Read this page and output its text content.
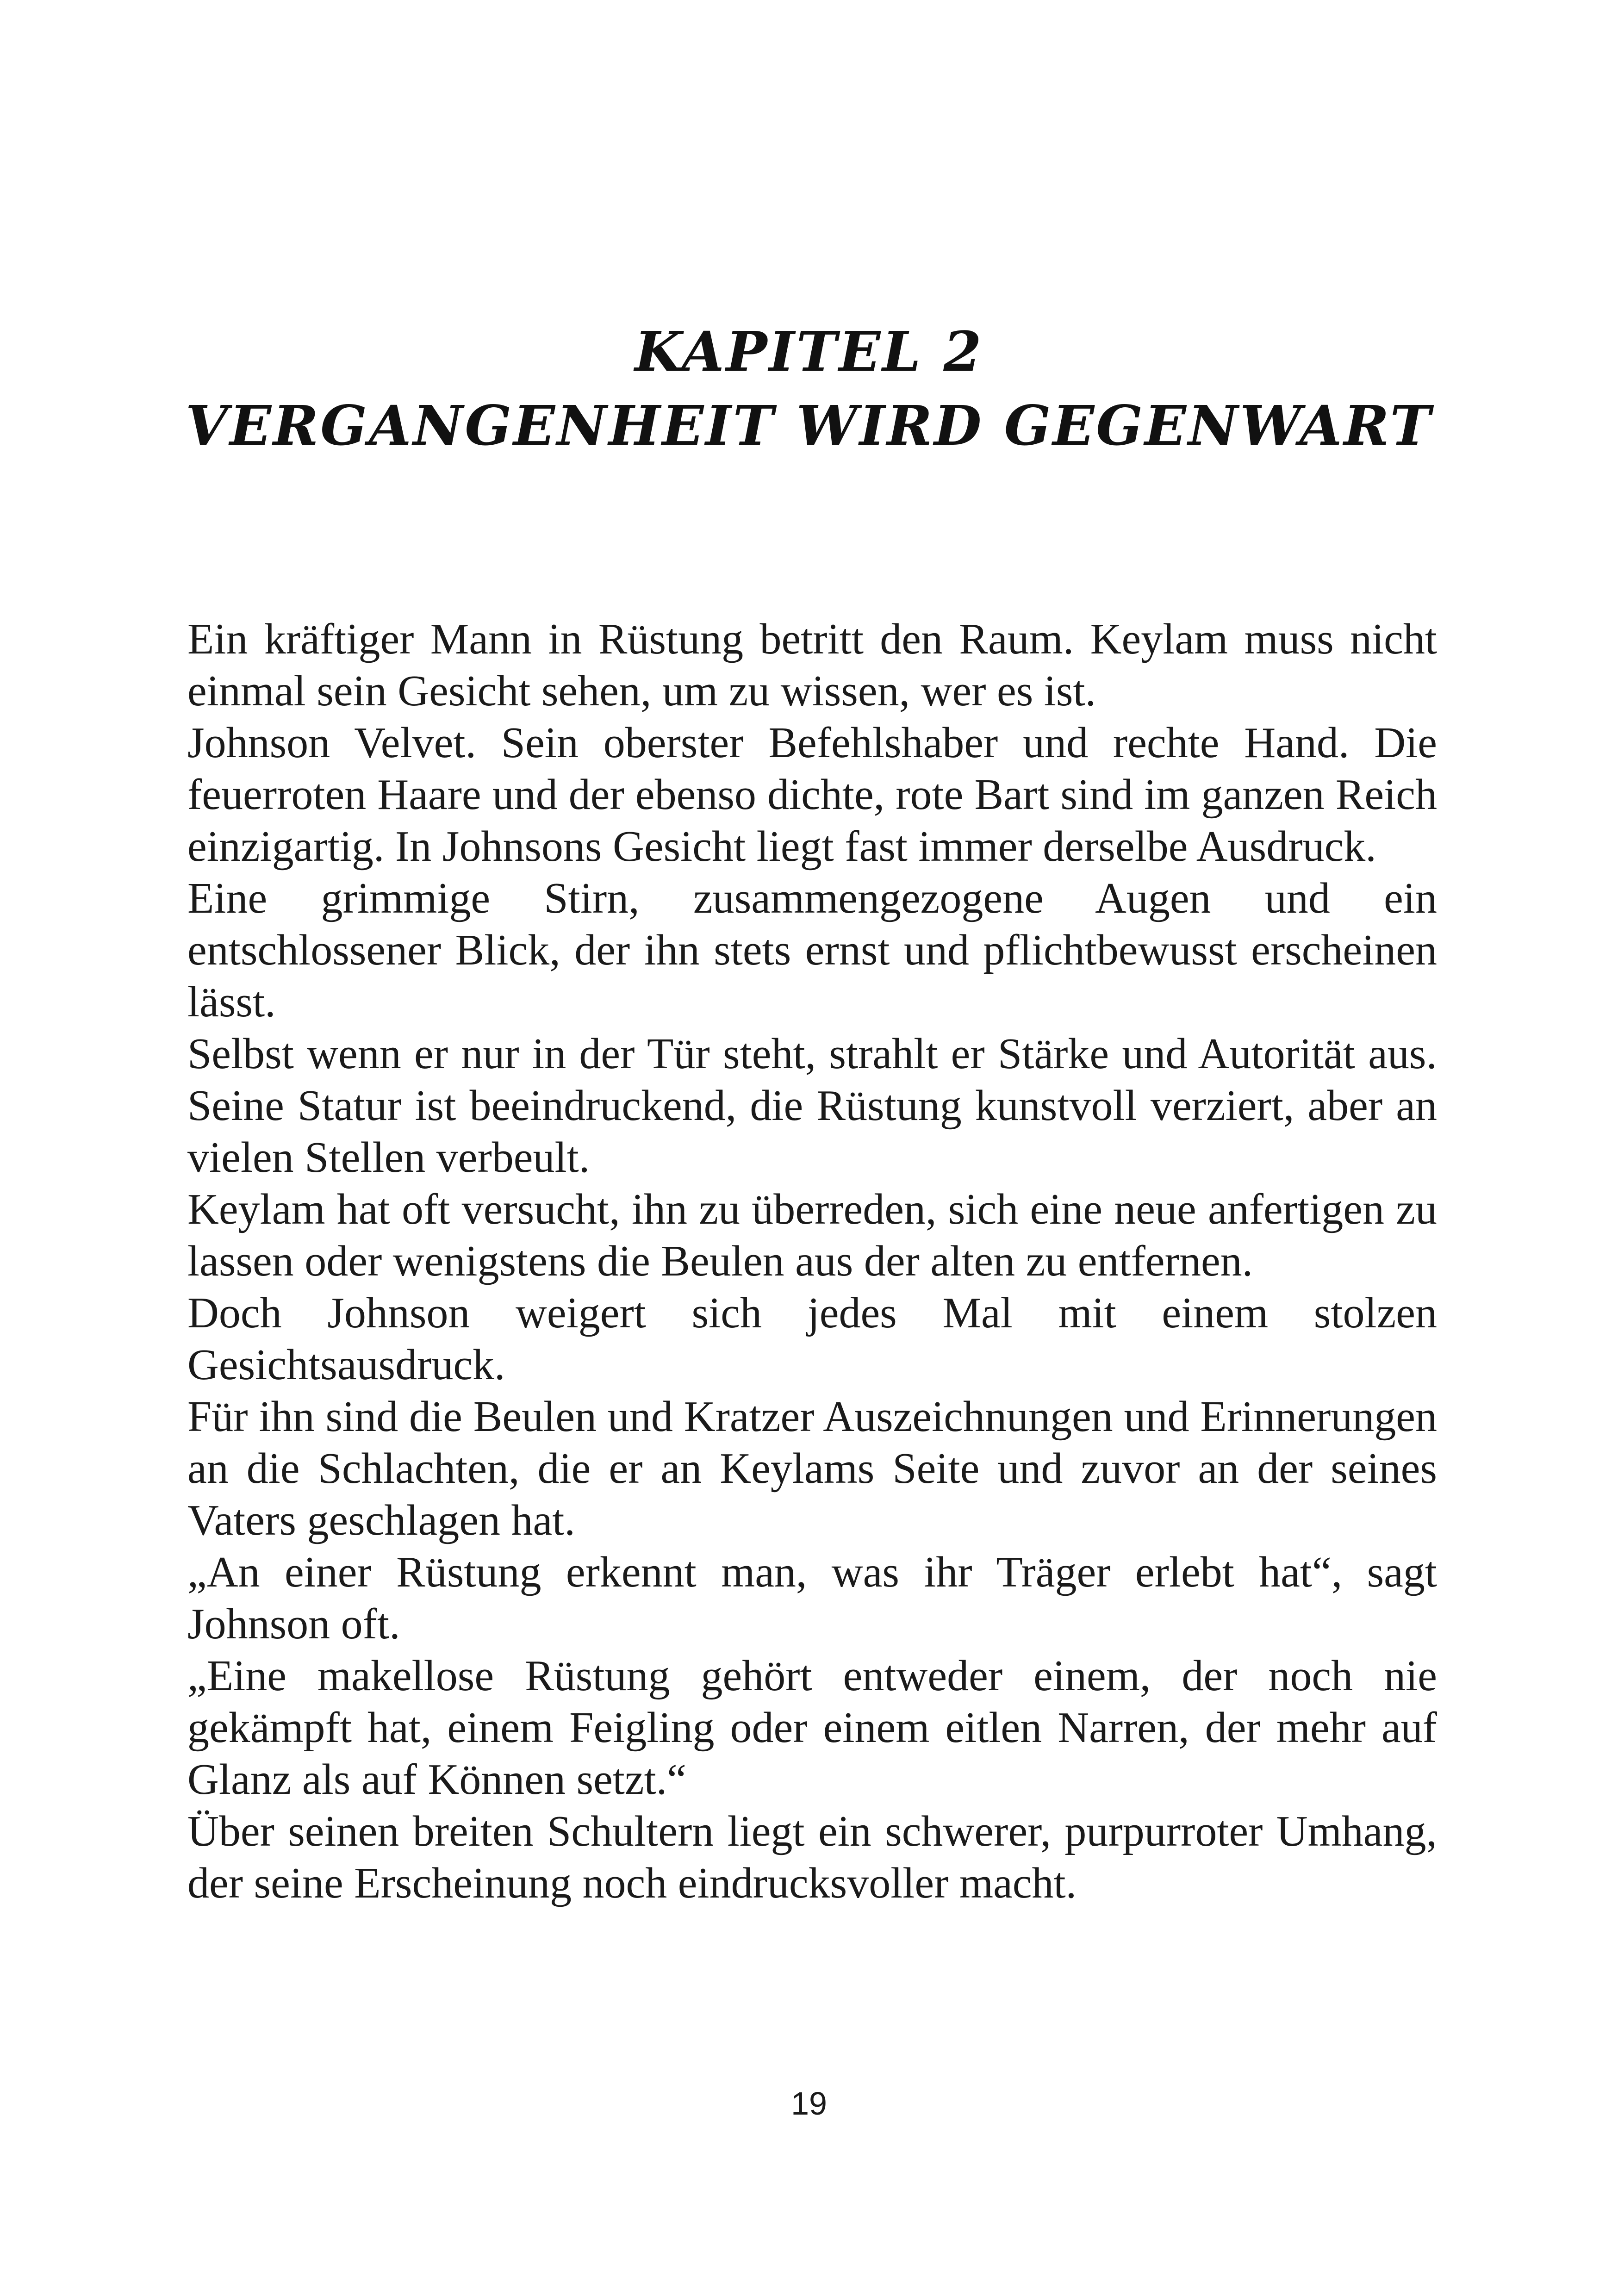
KAPITEL 2
VERGANGENHEIT WIRD GEGENWART

Ein kräftiger Mann in Rüstung betritt den Raum. Keylam muss nicht einmal sein Gesicht sehen, um zu wissen, wer es ist.

Johnson Velvet. Sein oberster Befehlshaber und rechte Hand. Die feuerroten Haare und der ebenso dichte, rote Bart sind im ganzen Reich einzigartig. In Johnsons Gesicht liegt fast immer derselbe Ausdruck.

Eine grimmige Stirn, zusammengezogene Augen und ein entschlossener Blick, der ihn stets ernst und pflichtbewusst erscheinen lässt.

Selbst wenn er nur in der Tür steht, strahlt er Stärke und Autorität aus. Seine Statur ist beeindruckend, die Rüstung kunstvoll verziert, aber an vielen Stellen verbeult.

Keylam hat oft versucht, ihn zu überreden, sich eine neue anfertigen zu lassen oder wenigstens die Beulen aus der alten zu entfernen.

Doch Johnson weigert sich jedes Mal mit einem stolzen Gesichtsausdruck.

Für ihn sind die Beulen und Kratzer Auszeichnungen und Erinnerungen an die Schlachten, die er an Keylams Seite und zuvor an der seines Vaters geschlagen hat.

„An einer Rüstung erkennt man, was ihr Träger erlebt hat“, sagt Johnson oft.

„Eine makellose Rüstung gehört entweder einem, der noch nie gekämpft hat, einem Feigling oder einem eitlen Narren, der mehr auf Glanz als auf Können setzt.“

Über seinen breiten Schultern liegt ein schwerer, purpurroter Umhang, der seine Erscheinung noch eindrucksvoller macht.

19
